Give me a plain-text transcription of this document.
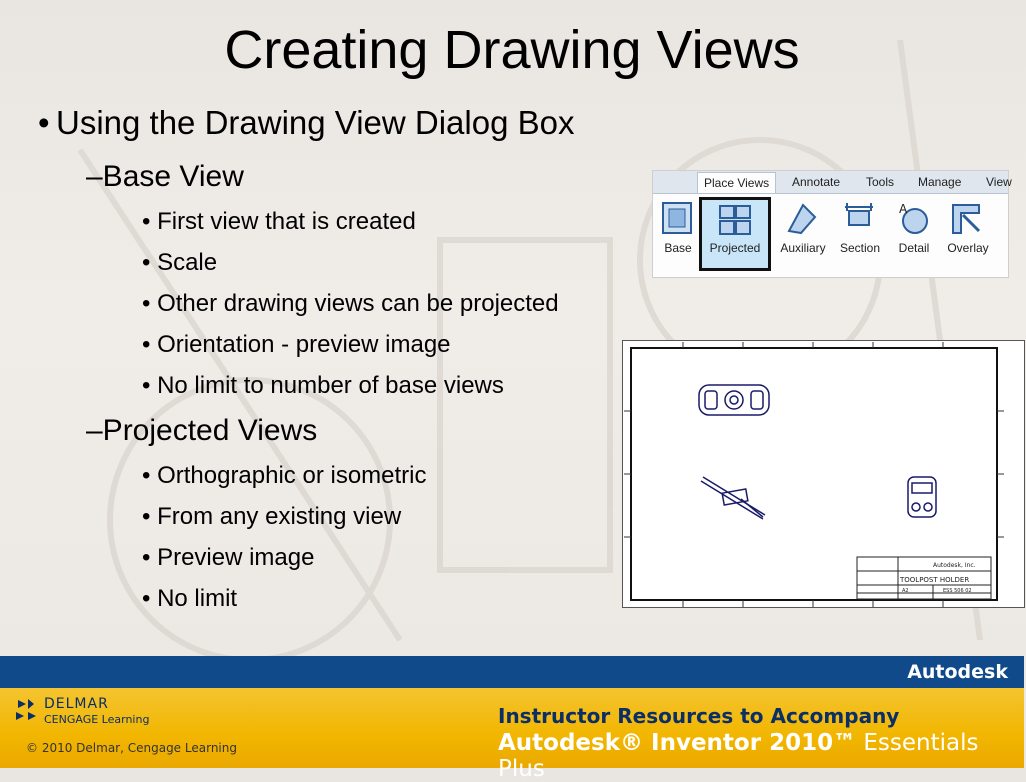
Creating Drawing Views
• Using the Drawing View Dialog Box
–Base View
• First view that is created
• Scale
• Other drawing views can be projected
• Orientation - preview image
• No limit to number of base views
–Projected Views
• Orthographic or isometric
• From any existing view
• Preview image
• No limit
Place Views	Annotate Tools Manage View
Base	Projected	Auxiliary	Section
A
Detail	Overlay
Autodesk, Inc.
TOOLPOST HOLDER
A2	ESS 506 02
Autodesk
DELMAR
CENGAGE Learning
© 2010 Delmar, Cengage Learning
Instructor Resources to Accompany
Autodesk® Inventor 2010™ Essentials Plus
